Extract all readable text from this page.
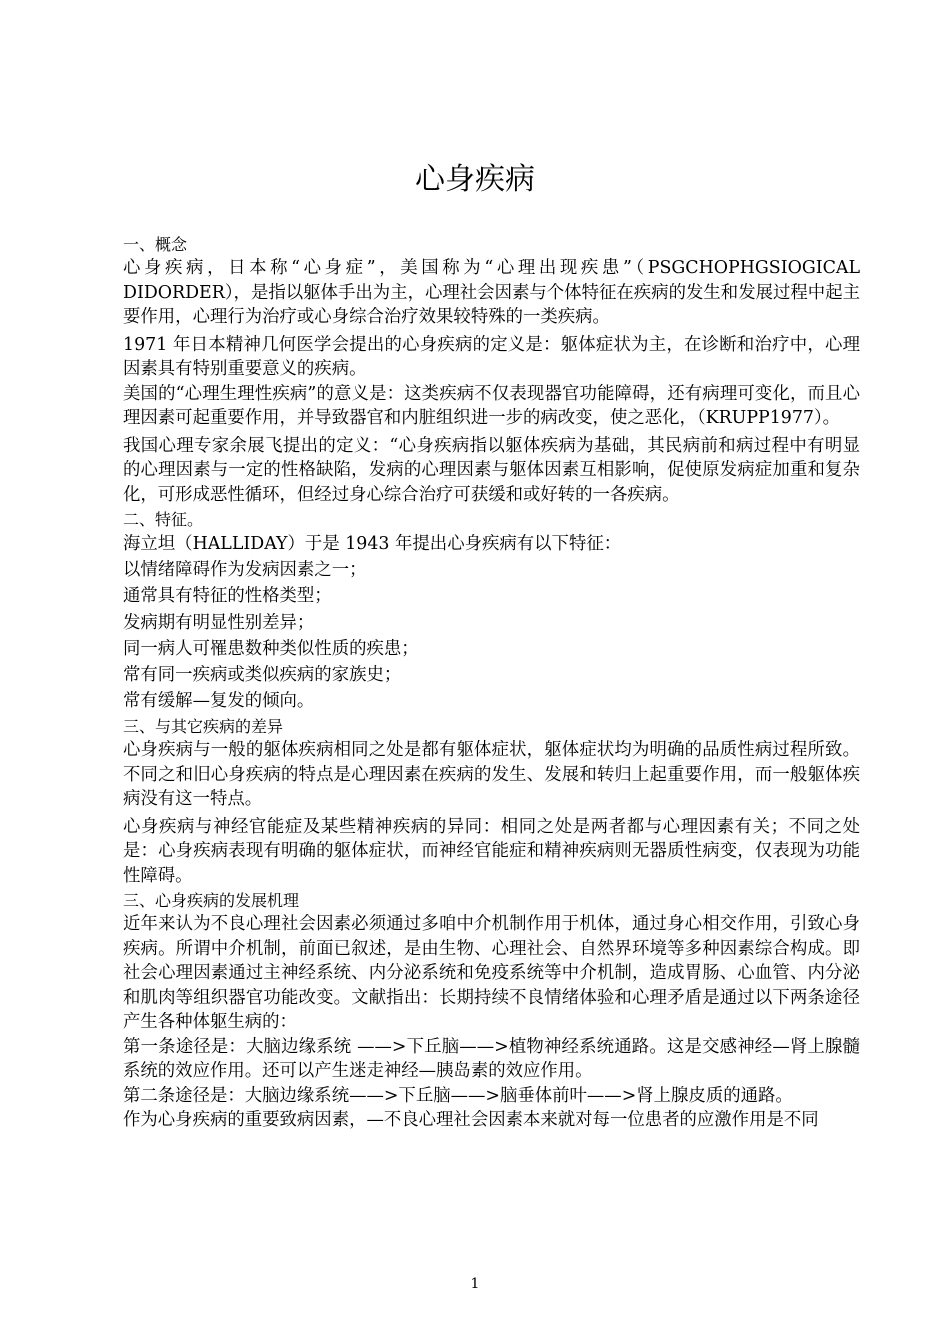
心身疾病

一、概念

心身疾病，日本称“心身症”，美国称为“心理出现疾患”（PSGCHOPHGSIOGICAL DIDORDER），是指以躯体手出为主，心理社会因素与个体特征在疾病的发生和发展过程中起主要作用，心理行为治疗或心身综合治疗效果较特殊的一类疾病。

1971 年日本精神几何医学会提出的心身疾病的定义是：躯体症状为主，在诊断和治疗中，心理因素具有特别重要意义的疾病。

美国的“心理生理性疾病”的意义是：这类疾病不仅表现器官功能障碍，还有病理可变化，而且心理因素可起重要作用，并导致器官和内脏组织进一步的病改变，使之恶化，（KRUPP1977）。

我国心理专家余展飞提出的定义：“心身疾病指以躯体疾病为基础，其民病前和病过程中有明显的心理因素与一定的性格缺陷，发病的心理因素与躯体因素互相影响，促使原发病症加重和复杂化，可形成恶性循环，但经过身心综合治疗可获缓和或好转的一各疾病。

二、特征。

海立坦（HALLIDAY）于是 1943 年提出心身疾病有以下特征：

以情绪障碍作为发病因素之一；

通常具有特征的性格类型；

发病期有明显性别差异；

同一病人可罹患数种类似性质的疾患；

常有同一疾病或类似疾病的家族史；

常有缓解—复发的倾向。

三、与其它疾病的差异

心身疾病与一般的躯体疾病相同之处是都有躯体症状，躯体症状均为明确的品质性病过程所致。不同之和旧心身疾病的特点是心理因素在疾病的发生、发展和转归上起重要作用，而一般躯体疾病没有这一特点。

心身疾病与神经官能症及某些精神疾病的异同：相同之处是两者都与心理因素有关；不同之处是：心身疾病表现有明确的躯体症状，而神经官能症和精神疾病则无器质性病变，仅表现为功能性障碍。

三、心身疾病的发展机理

近年来认为不良心理社会因素必须通过多咱中介机制作用于机体，通过身心相交作用，引致心身疾病。所谓中介机制，前面已叙述，是由生物、心理社会、自然界环境等多种因素综合构成。即社会心理因素通过主神经系统、内分泌系统和免疫系统等中介机制，造成胃肠、心血管、内分泌和肌肉等组织器官功能改变。文献指出：长期持续不良情绪体验和心理矛盾是通过以下两条途径产生各种体躯生病的：

第一条途径是：大脑边缘系统 ——>下丘脑——>植物神经系统通路。这是交感神经—肾上腺髓系统的效应作用。还可以产生迷走神经—胰岛素的效应作用。

第二条途径是：大脑边缘系统——>下丘脑——>脑垂体前叶——>肾上腺皮质的通路。

作为心身疾病的重要致病因素，—不良心理社会因素本来就对每一位患者的应激作用是不同

1
